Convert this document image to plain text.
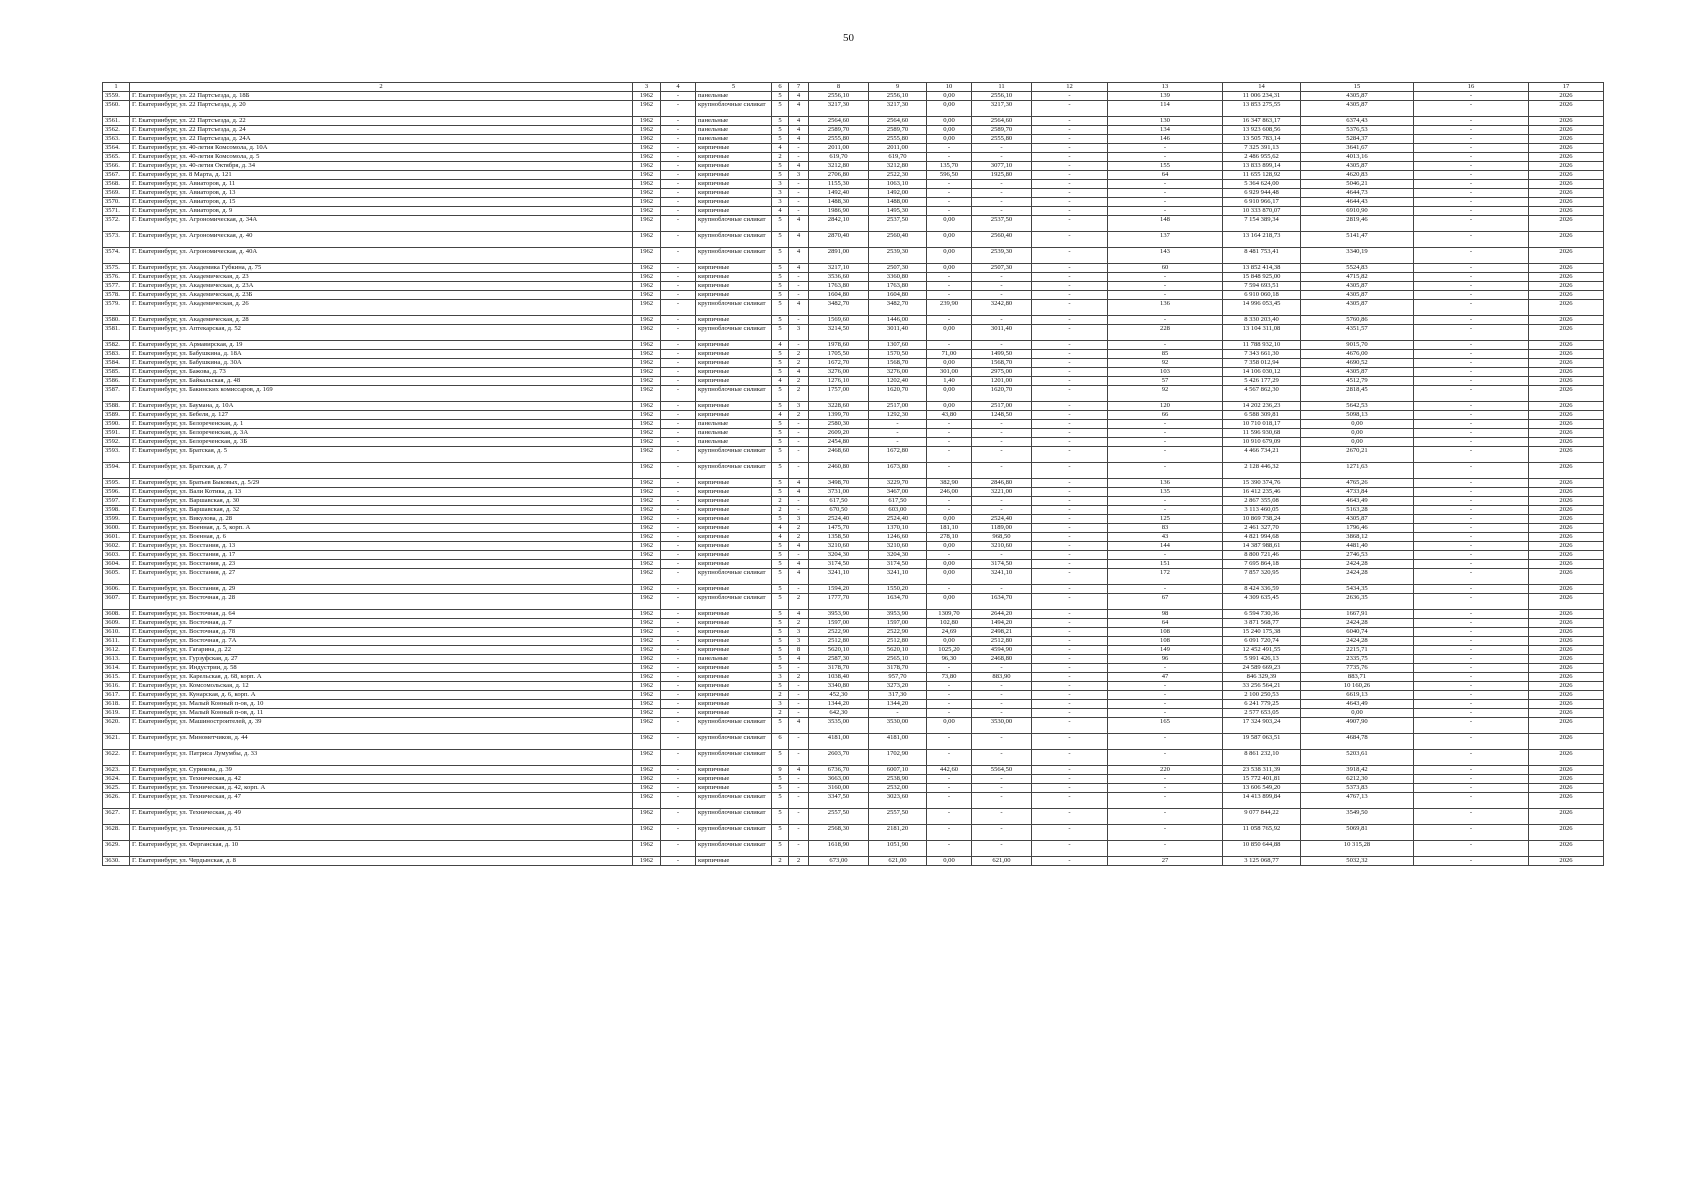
50
1	2	3	4	5	6	7	8	9	10	11	12	13	14	15	16	17
3559.	Г. Екатеринбург, ул. 22 Партсъезда, д. 18Б	1962	-	панельные	5	4	2556,10	2556,10	0,00	2556,10	-	139	11 006 234,31	4305,87	-	2026
3560.	Г. Екатеринбург, ул. 22 Партсъезда, д. 20	1962	-	крупноблочные силикат	5	4	3217,30	3217,30	0,00	3217,30	-	114	13 853 275,55	4305,87	-	2026
3561.	Г. Екатеринбург, ул. 22 Партсъезда, д. 22	1962	-	панельные	5	4	2564,60	2564,60	0,00	2564,60	-	130	16 347 863,17	6374,43	-	2026
3562.	Г. Екатеринбург, ул. 22 Партсъезда, д. 24	1962	-	панельные	5	4	2589,70	2589,70	0,00	2589,70	-	134	13 923 608,56	5376,53	-	2026
3563.	Г. Екатеринбург, ул. 22 Партсъезда, д. 24А	1962	-	панельные	5	4	2555,80	2555,80	0,00	2555,80	-	146	13 505 783,14	5284,37	-	2026
3564.	Г. Екатеринбург, ул. 40-летия Комсомола, д. 10А	1962	-	кирпичные	4	-	2011,00	2011,00	-	-	-	-	7 325 391,13	3641,67	-	2026
3565.	Г. Екатеринбург, ул. 40-летия Комсомола, д. 5	1962	-	кирпичные	2	-	619,70	619,70	-	-	-	-	2 486 955,62	4013,16	-	2026
3566.	Г. Екатеринбург, ул. 40-летия Октября, д. 34	1962	-	кирпичные	5	4	3212,80	3212,80	135,70	3077,10	-	155	13 833 899,14	4305,87	-	2026
3567.	Г. Екатеринбург, ул. 8 Марта, д. 121	1962	-	кирпичные	5	3	2706,80	2522,30	596,50	1925,80	-	64	11 655 128,92	4620,83	-	2026
3568.	Г. Екатеринбург, ул. Авиаторов, д. 11	1962	-	кирпичные	3	-	1155,30	1063,10	-	-	-	-	5 364 624,00	5046,21	-	2026
3569.	Г. Екатеринбург, ул. Авиаторов, д. 13	1962	-	кирпичные	3	-	1492,40	1492,00	-	-	-	-	6 929 944,48	4644,73	-	2026
3570.	Г. Екатеринбург, ул. Авиаторов, д. 15	1962	-	кирпичные	3	-	1488,30	1488,00	-	-	-	-	6 910 966,17	4644,43	-	2026
3571.	Г. Екатеринбург, ул. Авиаторов, д. 9	1962	-	кирпичные	4	-	1986,90	1495,30	-	-	-	-	10 333 870,07	6910,90	-	2026
3572.	Г. Екатеринбург, ул. Агрономическая, д. 34А	1962	-	крупноблочные силикат	5	4	2842,10	2537,50	0,00	2537,50	-	148	7 154 389,34	2819,46	-	2026
3573.	Г. Екатеринбург, ул. Агрономическая, д. 40	1962	-	крупноблочные силикат	5	4	2870,40	2560,40	0,00	2560,40	-	137	13 164 218,73	5141,47	-	2026
3574.	Г. Екатеринбург, ул. Агрономическая, д. 40А	1962	-	крупноблочные силикат	5	4	2891,00	2539,30	0,00	2539,30	-	143	8 481 753,41	3340,19	-	2026
3575.	Г. Екатеринбург, ул. Академика Губкина, д. 75	1962	-	кирпичные	5	4	3217,10	2507,30	0,00	2507,30	-	60	13 852 414,38	5524,83	-	2026
3576.	Г. Екатеринбург, ул. Академическая, д. 23	1962	-	кирпичные	5	-	3536,60	3360,80	-	-	-	-	15 848 925,00	4715,82	-	2026
3577.	Г. Екатеринбург, ул. Академическая, д. 23А	1962	-	кирпичные	5	-	1763,80	1763,80	-	-	-	-	7 594 693,51	4305,87	-	2026
3578.	Г. Екатеринбург, ул. Академическая, д. 23Б	1962	-	кирпичные	5	-	1604,80	1604,80	-	-	-	-	6 910 060,18	4305,87	-	2026
3579.	Г. Екатеринбург, ул. Академическая, д. 26	1962	-	крупноблочные силикат	5	4	3482,70	3482,70	239,90	3242,80	-	136	14 996 053,45	4305,87	-	2026
3580.	Г. Екатеринбург, ул. Академическая, д. 28	1962	-	кирпичные	5	-	1569,60	1446,00	-	-	-	-	8 330 203,40	5760,86	-	2026
3581.	Г. Екатеринбург, ул. Аптекарская, д. 52	1962	-	крупноблочные силикат	5	3	3214,50	3011,40	0,00	3011,40	-	228	13 104 311,08	4351,57	-	2026
3582.	Г. Екатеринбург, ул. Армавирская, д. 19	1962	-	кирпичные	4	-	1978,60	1307,60	-	-	-	-	11 788 932,10	9015,70	-	2026
3583.	Г. Екатеринбург, ул. Бабушкина, д. 18А	1962	-	кирпичные	5	2	1705,50	1570,50	71,00	1499,50	-	85	7 343 661,30	4676,00	-	2026
3584.	Г. Екатеринбург, ул. Бабушкина, д. 30А	1962	-	кирпичные	5	2	1672,70	1568,70	0,00	1568,70	-	92	7 358 012,94	4690,52	-	2026
3585.	Г. Екатеринбург, ул. Бажова, д. 73	1962	-	кирпичные	5	4	3276,00	3276,00	301,00	2975,00	-	103	14 106 030,12	4305,87	-	2026
3586.	Г. Екатеринбург, ул. Байкальская, д. 48	1962	-	кирпичные	4	2	1276,10	1202,40	1,40	1201,00	-	57	5 426 177,29	4512,79	-	2026
3587.	Г. Екатеринбург, ул. Бакинских комиссаров, д. 169	1962	-	крупноблочные силикат	5	2	1757,00	1620,70	0,00	1620,70	-	92	4 567 862,30	2818,45	-	2026
3588.	Г. Екатеринбург, ул. Баумана, д. 10А	1962	-	кирпичные	5	3	3228,60	2517,00	0,00	2517,00	-	120	14 202 236,23	5642,53	-	2026
3589.	Г. Екатеринбург, ул. Бебеля, д. 127	1962	-	кирпичные	4	2	1399,70	1292,30	43,80	1248,50	-	66	6 588 309,81	5098,13	-	2026
3590.	Г. Екатеринбург, ул. Белореченская, д. 1	1962	-	панельные	5	-	2580,30	-	-	-	-	-	10 710 018,17	0,00	-	2026
3591.	Г. Екатеринбург, ул. Белореченская, д. 3А	1962	-	панельные	5	-	2609,20	-	-	-	-	-	11 596 930,68	0,00	-	2026
3592.	Г. Екатеринбург, ул. Белореченская, д. 3Б	1962	-	панельные	5	-	2454,80	-	-	-	-	-	10 910 679,09	0,00	-	2026
3593.	Г. Екатеринбург, ул. Братская, д. 5	1962	-	крупноблочные силикат	5	-	2468,60	1672,80	-	-	-	-	4 466 734,21	2670,21	-	2026
3594.	Г. Екатеринбург, ул. Братская, д. 7	1962	-	крупноблочные силикат	5	-	2460,80	1673,80	-	-	-	-	2 128 446,32	1271,63	-	2026
3595.	Г. Екатеринбург, ул. Братьев Быковых, д. 5/29	1962	-	кирпичные	5	4	3498,70	3229,70	382,90	2846,80	-	136	15 390 374,76	4765,26	-	2026
3596.	Г. Екатеринбург, ул. Вали Котика, д. 13	1962	-	кирпичные	5	4	3731,00	3467,00	246,00	3221,00	-	135	16 412 235,46	4733,84	-	2026
3597.	Г. Екатеринбург, ул. Варшавская, д. 30	1962	-	кирпичные	2	-	617,50	617,50	-	-	-	-	2 867 355,08	4643,49	-	2026
3598.	Г. Екатеринбург, ул. Варшавская, д. 32	1962	-	кирпичные	2	-	670,50	603,00	-	-	-	-	3 113 460,05	5163,28	-	2026
3599.	Г. Екатеринбург, ул. Викулова, д. 28	1962	-	кирпичные	5	3	2524,40	2524,40	0,00	2524,40	-	125	10 869 738,24	4305,87	-	2026
3600.	Г. Екатеринбург, ул. Военная, д. 5, корп. А	1962	-	кирпичные	4	2	1475,70	1370,10	181,10	1189,00	-	83	2 461 327,70	1796,46	-	2026
3601.	Г. Екатеринбург, ул. Военная, д. 6	1962	-	кирпичные	4	2	1358,50	1246,60	278,10	968,50	-	43	4 821 994,68	3868,12	-	2026
3602.	Г. Екатеринбург, ул. Восстания, д. 13	1962	-	кирпичные	5	4	3210,60	3210,60	0,00	3210,60	-	144	14 387 988,61	4481,40	-	2026
3603.	Г. Екатеринбург, ул. Восстания, д. 17	1962	-	кирпичные	5	-	3204,30	3204,30	-	-	-	-	8 800 721,46	2746,53	-	2026
3604.	Г. Екатеринбург, ул. Восстания, д. 23	1962	-	кирпичные	5	4	3174,50	3174,50	0,00	3174,50	-	151	7 695 864,18	2424,28	-	2026
3605.	Г. Екатеринбург, ул. Восстания, д. 27	1962	-	крупноблочные силикат	5	4	3241,10	3241,10	0,00	3241,10	-	172	7 857 320,95	2424,28	-	2026
3606.	Г. Екатеринбург, ул. Восстания, д. 29	1962	-	кирпичные	5	-	1594,20	1550,20	-	-	-	-	8 424 336,59	5434,35	-	2026
3607.	Г. Екатеринбург, ул. Восточная, д. 28	1962	-	крупноблочные силикат	5	2	1777,70	1634,70	0,00	1634,70	-	67	4 309 635,45	2636,35	-	2026
3608.	Г. Екатеринбург, ул. Восточная, д. 64	1962	-	кирпичные	5	4	3953,90	3953,90	1309,70	2644,20	-	98	6 594 730,36	1667,91	-	2026
3609.	Г. Екатеринбург, ул. Восточная, д. 7	1962	-	кирпичные	5	2	1597,00	1597,00	102,80	1494,20	-	64	3 871 568,77	2424,28	-	2026
3610.	Г. Екатеринбург, ул. Восточная, д. 78	1962	-	кирпичные	5	3	2522,90	2522,90	24,69	2498,21	-	108	15 240 175,38	6040,74	-	2026
3611.	Г. Екатеринбург, ул. Восточная, д. 7А	1962	-	кирпичные	5	3	2512,80	2512,80	0,00	2512,80	-	108	6 091 720,74	2424,28	-	2026
3612.	Г. Екатеринбург, ул. Гагарина, д. 22	1962	-	кирпичные	5	8	5620,10	5620,10	1025,20	4594,90	-	149	12 452 491,55	2215,71	-	2026
3613.	Г. Екатеринбург, ул. Гурзуфская, д. 27	1962	-	панельные	5	4	2587,30	2565,10	96,30	2468,80	-	96	5 991 426,13	2335,75	-	2026
3614.	Г. Екатеринбург, ул. Индустрии, д. 58	1962	-	кирпичные	5	-	3178,70	3178,70	-	-	-	-	24 589 669,23	7735,76	-	2026
3615.	Г. Екатеринбург, ул. Карельская, д. 68, корп. А	1962	-	кирпичные	3	2	1038,40	957,70	73,80	883,90	-	47	846 329,39	883,71	-	2026
3616.	Г. Екатеринбург, ул. Комсомольская, д. 12	1962	-	кирпичные	5	-	3340,80	3273,20	-	-	-	-	33 256 564,21	10 160,26	-	2026
3617.	Г. Екатеринбург, ул. Кунарская, д. 6, корп. А	1962	-	кирпичные	2	-	452,30	317,30	-	-	-	-	2 100 250,53	6619,13	-	2026
3618.	Г. Екатеринбург, ул. Малый Конный п-ов, д. 10	1962	-	кирпичные	3	-	1344,20	1344,20	-	-	-	-	6 241 779,25	4643,49	-	2026
3619.	Г. Екатеринбург, ул. Малый Конный п-ов, д. 11	1962	-	кирпичные	2	-	642,30	-	-	-	-	-	2 577 653,05	0,00	-	2026
3620.	Г. Екатеринбург, ул. Машиностроителей, д. 39	1962	-	крупноблочные силикат	5	4	3535,00	3530,00	0,00	3530,00	-	165	17 324 903,24	4907,90	-	2026
3621.	Г. Екатеринбург, ул. Минометчиков, д. 44	1962	-	крупноблочные силикат	6	-	4181,00	4181,00	-	-	-	-	19 587 063,51	4684,78	-	2026
3622.	Г. Екатеринбург, ул. Патриса Лумумбы, д. 33	1962	-	крупноблочные силикат	5	-	2603,70	1702,90	-	-	-	-	8 861 232,10	5203,61	-	2026
3623.	Г. Екатеринбург, ул. Сурикова, д. 39	1962	-	кирпичные	9	4	6736,70	6007,10	442,60	5564,50	-	220	23 538 311,39	3918,42	-	2026
3624.	Г. Екатеринбург, ул. Техническая, д. 42	1962	-	кирпичные	5	-	3663,00	2538,90	-	-	-	-	15 772 401,81	6212,30	-	2026
3625.	Г. Екатеринбург, ул. Техническая, д. 42, корп. А	1962	-	кирпичные	5	-	3160,00	2532,00	-	-	-	-	13 606 549,20	5373,83	-	2026
3626.	Г. Екатеринбург, ул. Техническая, д. 47	1962	-	крупноблочные силикат	5	-	3347,50	3023,60	-	-	-	-	14 413 899,84	4767,13	-	2026
3627.	Г. Екатеринбург, ул. Техническая, д. 49	1962	-	крупноблочные силикат	5	-	2557,50	2557,50	-	-	-	-	9 077 844,22	3549,50	-	2026
3628.	Г. Екатеринбург, ул. Техническая, д. 51	1962	-	крупноблочные силикат	5	-	2568,30	2181,20	-	-	-	-	11 058 765,92	5069,81	-	2026
3629.	Г. Екатеринбург, ул. Ферганская, д. 10	1962	-	крупноблочные силикат	5	-	1618,90	1051,90	-	-	-	-	10 850 644,88	10 315,28	-	2026
3630.	Г. Екатеринбург, ул. Чердынская, д. 8	1962	-	кирпичные	2	2	673,00	621,00	0,00	621,00	-	27	3 125 068,77	5032,32	-	2026
